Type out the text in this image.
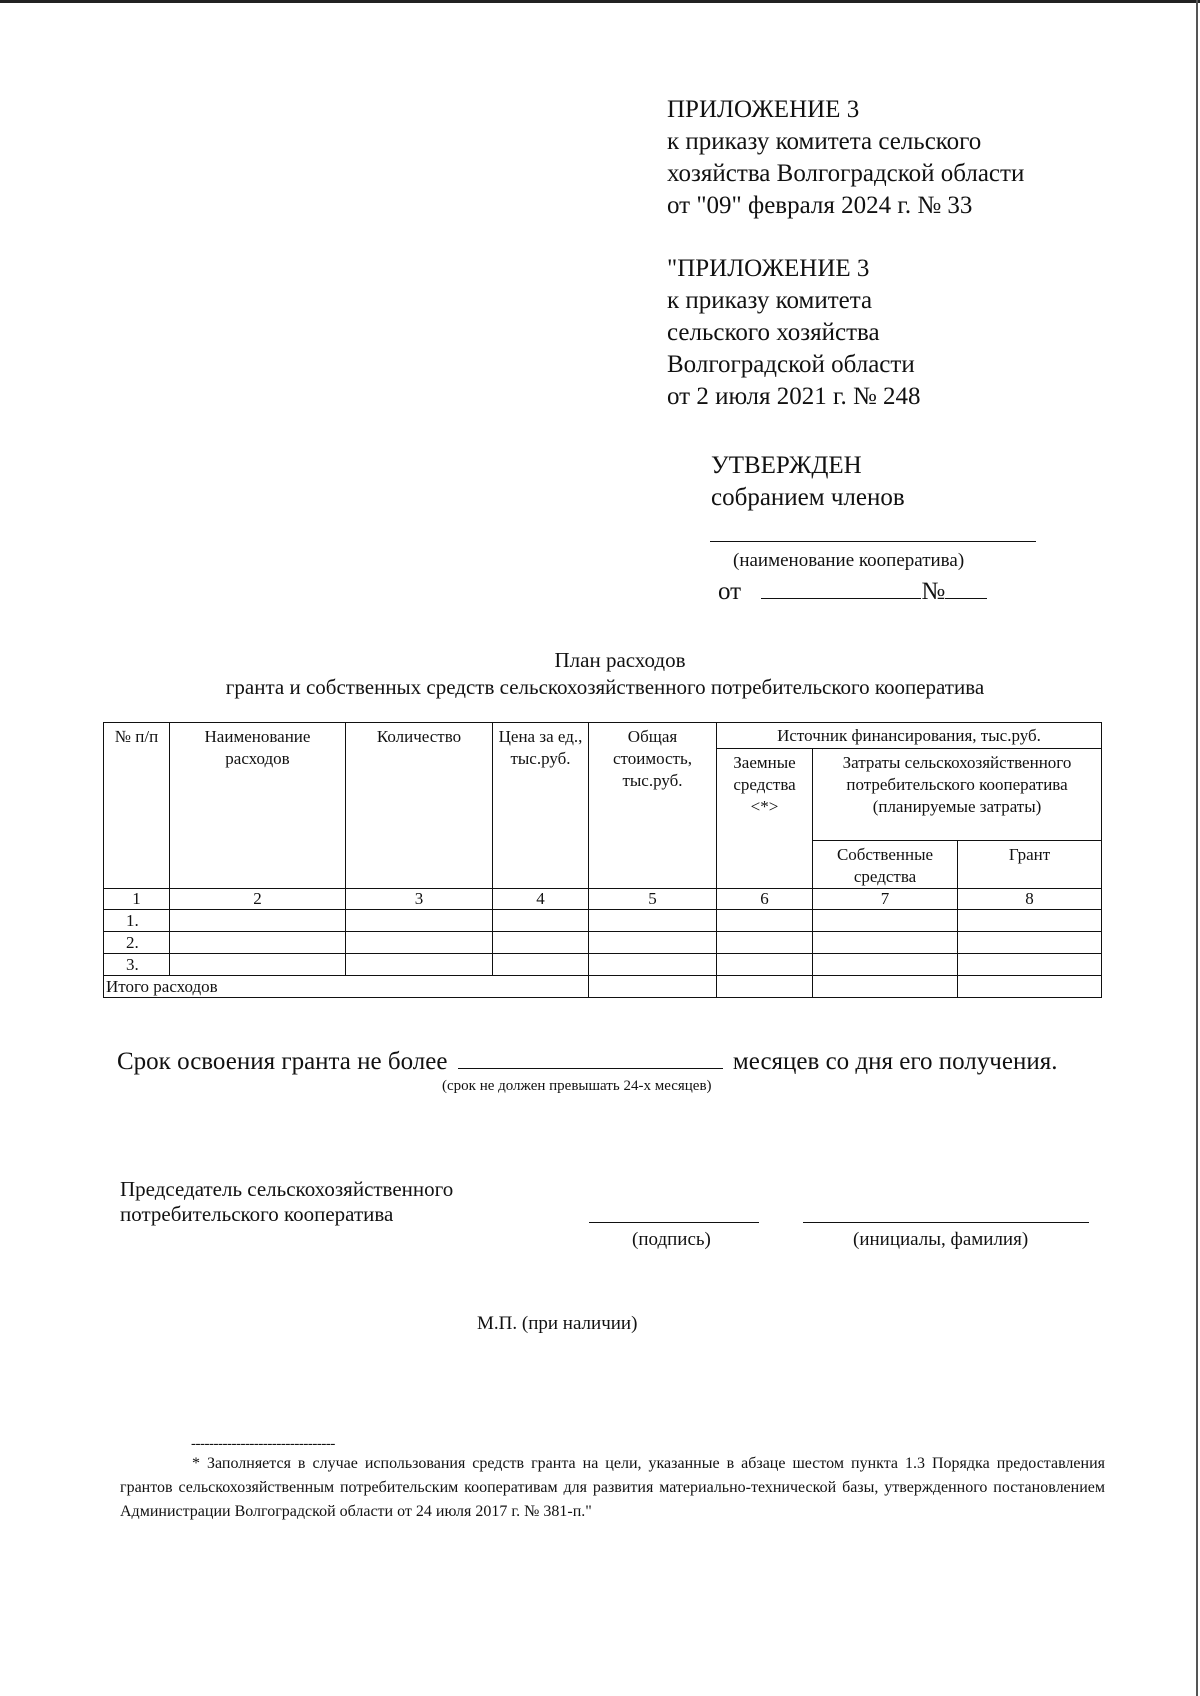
ПРИЛОЖЕНИЕ 3
к приказу комитета сельского
хозяйства Волгоградской области
от "09" февраля 2024 г. № 33
"ПРИЛОЖЕНИЕ 3
к приказу комитета
сельского хозяйства
Волгоградской области
от 2 июля 2021 г. № 248
УТВЕРЖДЕН
собранием членов
(наименование кооператива)
от	№
План расходов
гранта и собственных средств сельскохозяйственного потребительского кооператива
№ п/п	Наименование расходов	Количество	Цена за ед., тыс.руб.	Общая стоимость, тыс.руб.	Источник финансирования, тыс.руб.		
					Заемные средства <*>	Затраты сельскохозяйственного потребительского кооператива (планируемые затраты)	
						Собственные средства	Грант

1	2	3	4	5	6	7	8
1.							
2.							
3.							
Итого расходов							
Срок освоения гранта не более	месяцев со дня его получения.
(срок не должен превышать 24-х месяцев)
Председатель сельскохозяйственного
потребительского кооператива
(подпись)	(инициалы, фамилия)
М.П. (при наличии)
--------------------------------
* Заполняется в случае использования средств гранта на цели, указанные в абзаце шестом пункта 1.3 Порядка предоставления грантов сельскохозяйственным потребительским кооперативам для развития материально-технической базы, утвержденного постановлением Администрации Волгоградской области от 24 июля 2017 г. № 381-п."
